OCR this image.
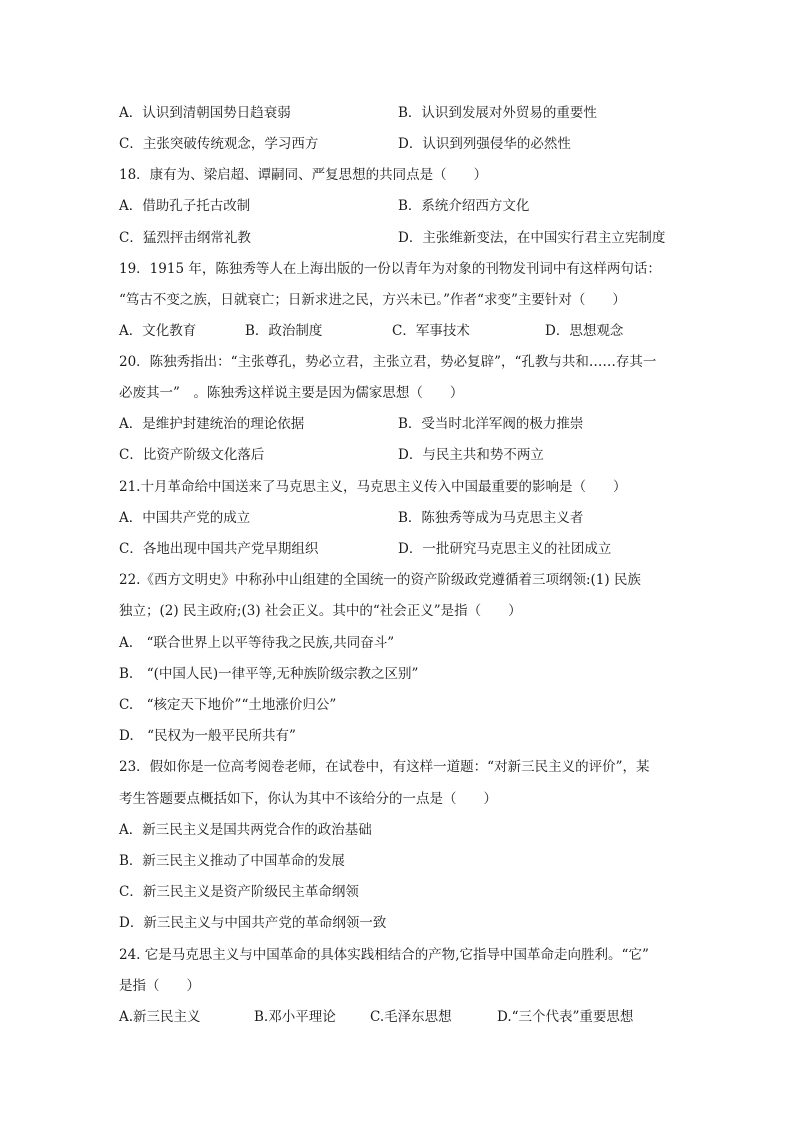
A．认识到清朝国势日趋衰弱	B．认识到发展对外贸易的重要性
C．主张突破传统观念，学习西方	D．认识到列强侵华的必然性
18．康有为、梁启超、谭嗣同、严复思想的共同点是（　　）
A．借助孔子托古改制	B．系统介绍西方文化
C．猛烈抨击纲常礼教	D．主张维新变法，在中国实行君主立宪制度
19．1915 年，陈独秀等人在上海出版的一份以青年为对象的刊物发刊词中有这样两句话：
“笃古不变之族，日就衰亡；日新求进之民，方兴未已。”作者“求变”主要针对（　　）
A．文化教育	B．政治制度	C．军事技术	D．思想观念
20．陈独秀指出：“主张尊孔，势必立君，主张立君，势必复辟”，“孔教与共和……存其一
必废其一”　。陈独秀这样说主要是因为儒家思想（　　）
A．是维护封建统治的理论依据	B．受当时北洋军阀的极力推崇
C．比资产阶级文化落后	D．与民主共和势不两立
21.十月革命给中国送来了马克思主义，马克思主义传入中国最重要的影响是（　　）
A．中国共产党的成立	B．陈独秀等成为马克思主义者
C．各地出现中国共产党早期组织	D．一批研究马克思主义的社团成立
22.《西方文明史》中称孙中山组建的全国统一的资产阶级政党遵循着三项纲领:(1) 民族
独立；(2) 民主政府;(3) 社会正义。其中的“社会正义”是指（　　）
A.　“联合世界上以平等待我之民族,共同奋斗”
B.　“(中国人民)一律平等,无种族阶级宗教之区别”
C.　“核定天下地价”“土地涨价归公”
D.　“民权为一般平民所共有”
23．假如你是一位高考阅卷老师，在试卷中，有这样一道题：“对新三民主义的评价”，某
考生答题要点概括如下，你认为其中不该给分的一点是（　　）
A．新三民主义是国共两党合作的政治基础
B．新三民主义推动了中国革命的发展
C．新三民主义是资产阶级民主革命纲领
D．新三民主义与中国共产党的革命纲领一致
24. 它是马克思主义与中国革命的具体实践相结合的产物,它指导中国革命走向胜利。“它”
是指（　　）
A.新三民主义	B.邓小平理论	C.毛泽东思想	D.“三个代表”重要思想
